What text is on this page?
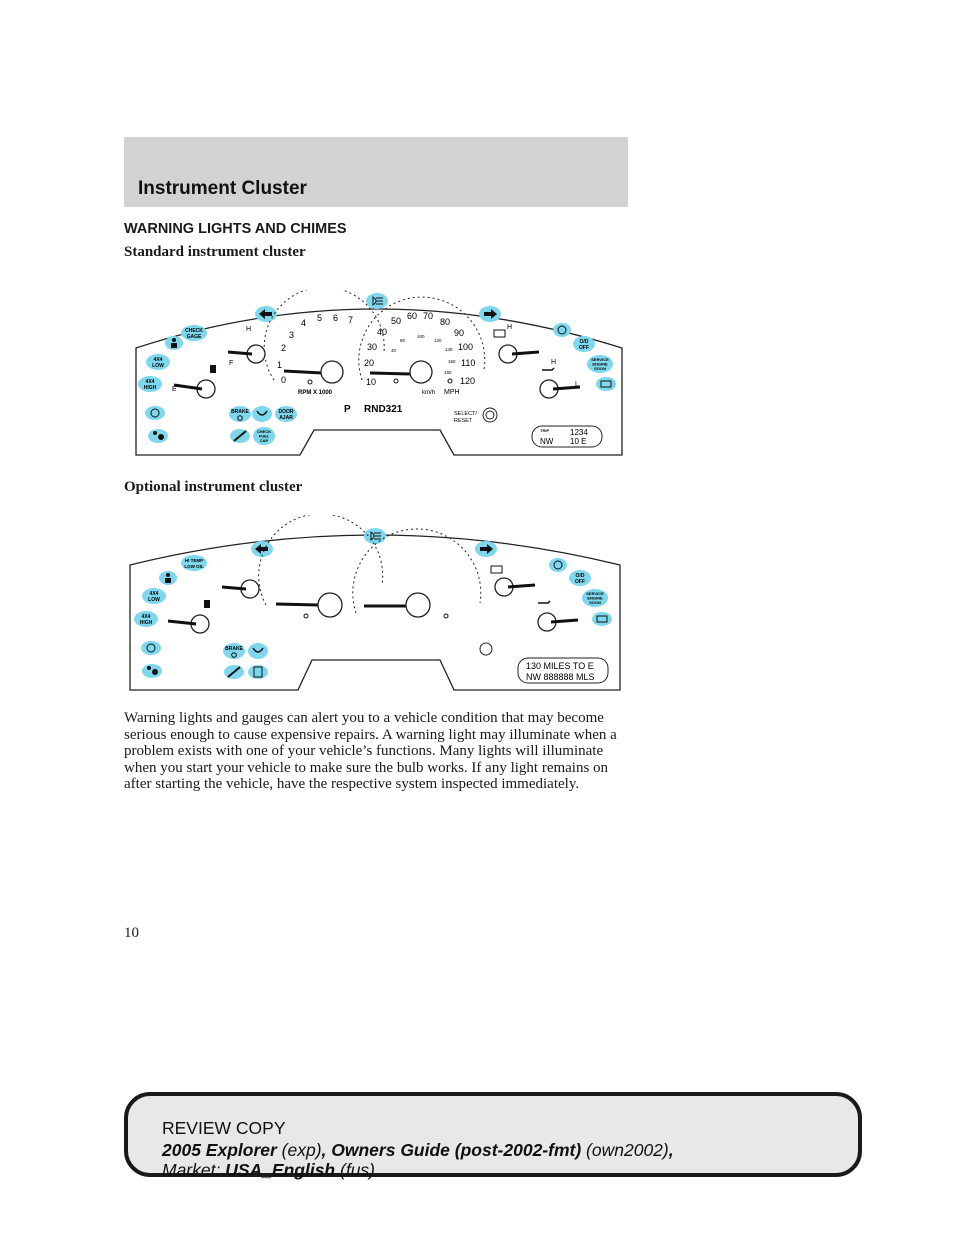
Instrument Cluster
WARNING LIGHTS AND CHIMES
Standard instrument cluster
CHECK
GAGE
4X4
LOW
4X4
HIGH
H
F
E
0
1
2
3
4 5 6 7
RPM X 1000
10
20
30
40
50 60 70
80
90
100
110
120
40
80
100
120
140
160
180
km/h MPH
H
H
L
O/D
OFF
SERVICE
ENGINE
SOON
BRAKE	DOOR
AJAR
CHECK
FUEL
CAP
P RND321	SELECT/
RESET
TRIP	1234
NW 10 E
Optional instrument cluster
HI TEMP
LOW OIL
4X4
LOW
4X4
HIGH
O/D
OFF
SERVICE
ENGINE
SOON
BRAKE
130 MILES TO E
NW 888888 MLS
Warning lights and gauges can alert you to a vehicle condition that may become serious enough to cause expensive repairs. A warning light may illuminate when a problem exists with one of your vehicle’s functions. Many lights will illuminate when you start your vehicle to make sure the bulb works. If any light remains on after starting the vehicle, have the respective system inspected immediately.
10
REVIEW COPY
2005 Explorer (exp), Owners Guide (post-2002-fmt) (own2002),
Market: USA_English (fus)
